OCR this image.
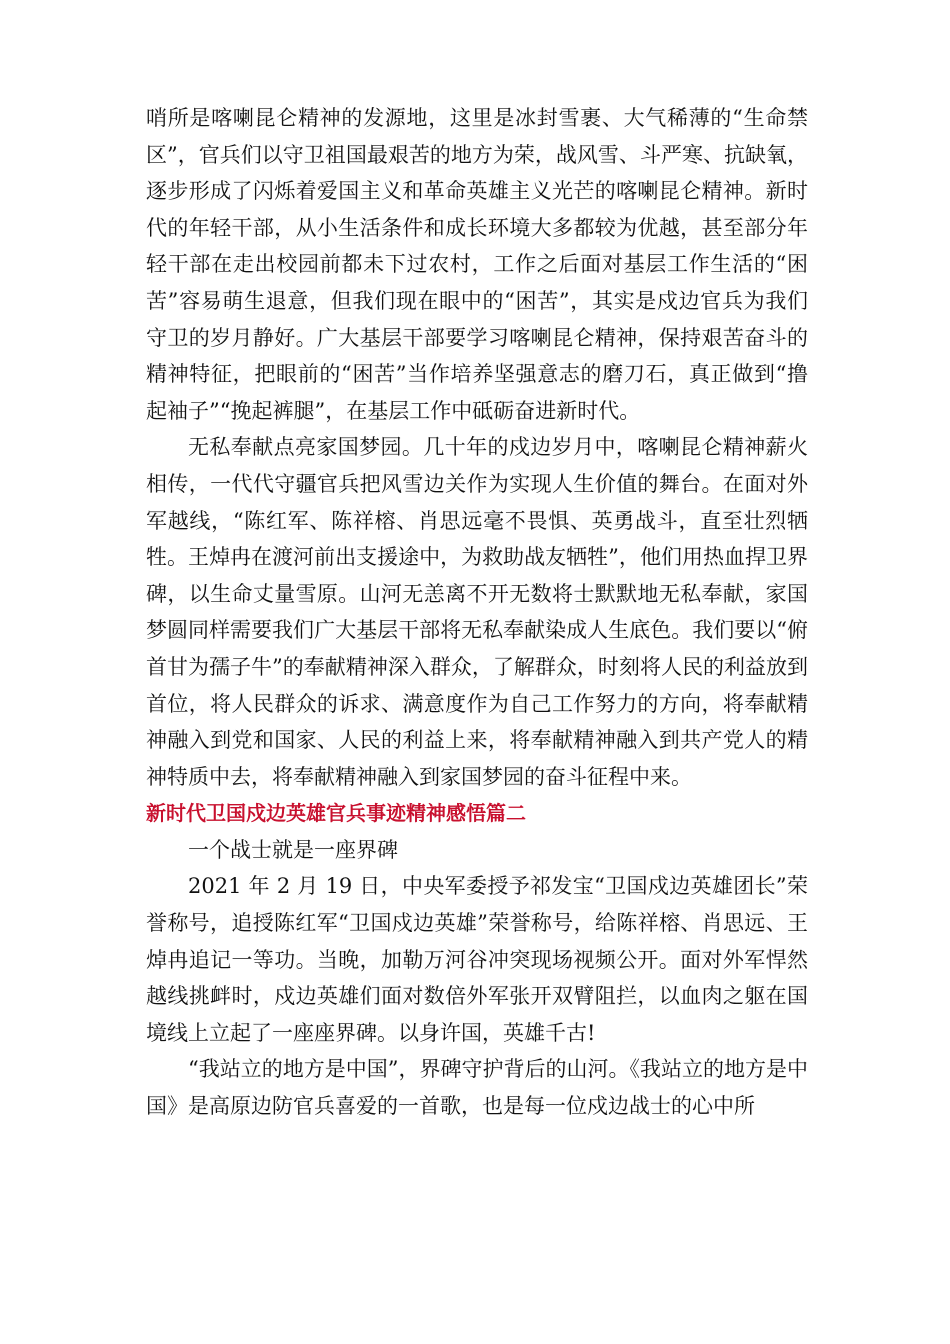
哨所是喀喇昆仑精神的发源地，这里是冰封雪裹、大气稀薄的“生命禁区”，官兵们以守卫祖国最艰苦的地方为荣，战风雪、斗严寒、抗缺氧，逐步形成了闪烁着爱国主义和革命英雄主义光芒的喀喇昆仑精神。新时代的年轻干部，从小生活条件和成长环境大多都较为优越，甚至部分年轻干部在走出校园前都未下过农村，工作之后面对基层工作生活的“困苦”容易萌生退意，但我们现在眼中的“困苦”，其实是戍边官兵为我们守卫的岁月静好。广大基层干部要学习喀喇昆仑精神，保持艰苦奋斗的精神特征，把眼前的“困苦”当作培养坚强意志的磨刀石，真正做到“撸起袖子”“挽起裤腿”，在基层工作中砥砺奋进新时代。

无私奉献点亮家国梦园。几十年的戍边岁月中，喀喇昆仑精神薪火相传，一代代守疆官兵把风雪边关作为实现人生价值的舞台。在面对外军越线，“陈红军、陈祥榕、肖思远毫不畏惧、英勇战斗，直至壮烈牺牲。王焯冉在渡河前出支援途中，为救助战友牺牲”，他们用热血捍卫界碑，以生命丈量雪原。山河无恙离不开无数将士默默地无私奉献，家国梦圆同样需要我们广大基层干部将无私奉献染成人生底色。我们要以“俯首甘为孺子牛”的奉献精神深入群众，了解群众，时刻将人民的利益放到首位，将人民群众的诉求、满意度作为自己工作努力的方向，将奉献精神融入到党和国家、人民的利益上来，将奉献精神融入到共产党人的精神特质中去，将奉献精神融入到家国梦园的奋斗征程中来。

新时代卫国戍边英雄官兵事迹精神感悟篇二

一个战士就是一座界碑

2021 年 2 月 19 日，中央军委授予祁发宝“卫国戍边英雄团长”荣誉称号，追授陈红军“卫国戍边英雄”荣誉称号，给陈祥榕、肖思远、王焯冉追记一等功。当晚，加勒万河谷冲突现场视频公开。面对外军悍然越线挑衅时，戍边英雄们面对数倍外军张开双臂阻拦，以血肉之躯在国境线上立起了一座座界碑。以身许国，英雄千古!

“我站立的地方是中国”，界碑守护背后的山河。《我站立的地方是中国》是高原边防官兵喜爱的一首歌，也是每一位戍边战士的心中所
